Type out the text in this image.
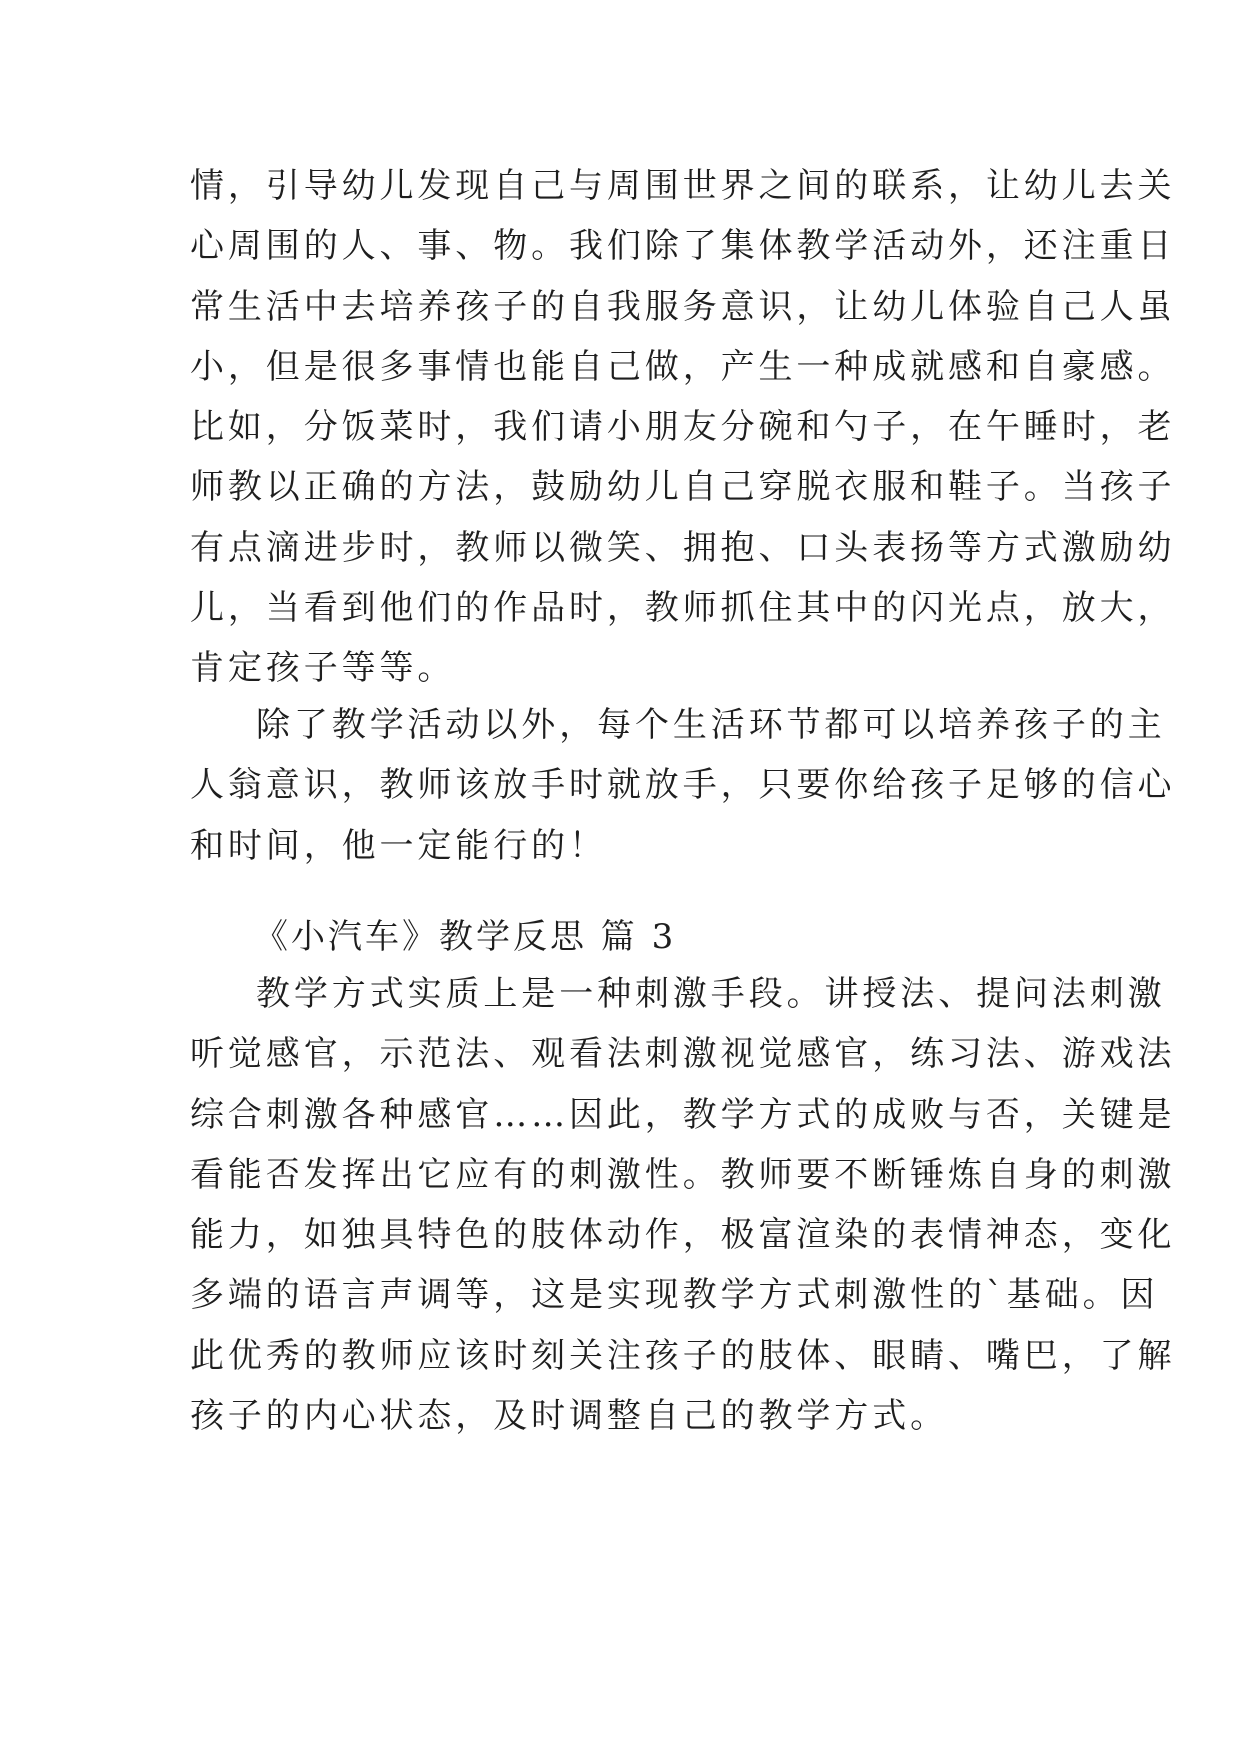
情，引导幼儿发现自己与周围世界之间的联系，让幼儿去关
心周围的人、事、物。我们除了集体教学活动外，还注重日
常生活中去培养孩子的自我服务意识，让幼儿体验自己人虽
小，但是很多事情也能自己做，产生一种成就感和自豪感。
比如，分饭菜时，我们请小朋友分碗和勺子，在午睡时，老
师教以正确的方法，鼓励幼儿自己穿脱衣服和鞋子。当孩子
有点滴进步时，教师以微笑、拥抱、口头表扬等方式激励幼
儿，当看到他们的作品时，教师抓住其中的闪光点，放大，
肯定孩子等等。
除了教学活动以外，每个生活环节都可以培养孩子的主
人翁意识，教师该放手时就放手，只要你给孩子足够的信心
和时间，他一定能行的！
《小汽车》教学反思 篇 3
教学方式实质上是一种刺激手段。讲授法、提问法刺激
听觉感官，示范法、观看法刺激视觉感官，练习法、游戏法
综合刺激各种感官……因此，教学方式的成败与否，关键是
看能否发挥出它应有的刺激性。教师要不断锤炼自身的刺激
能力，如独具特色的肢体动作，极富渲染的表情神态，变化
多端的语言声调等，这是实现教学方式刺激性的`基础。因
此优秀的教师应该时刻关注孩子的肢体、眼睛、嘴巴，了解
孩子的内心状态，及时调整自己的教学方式。
